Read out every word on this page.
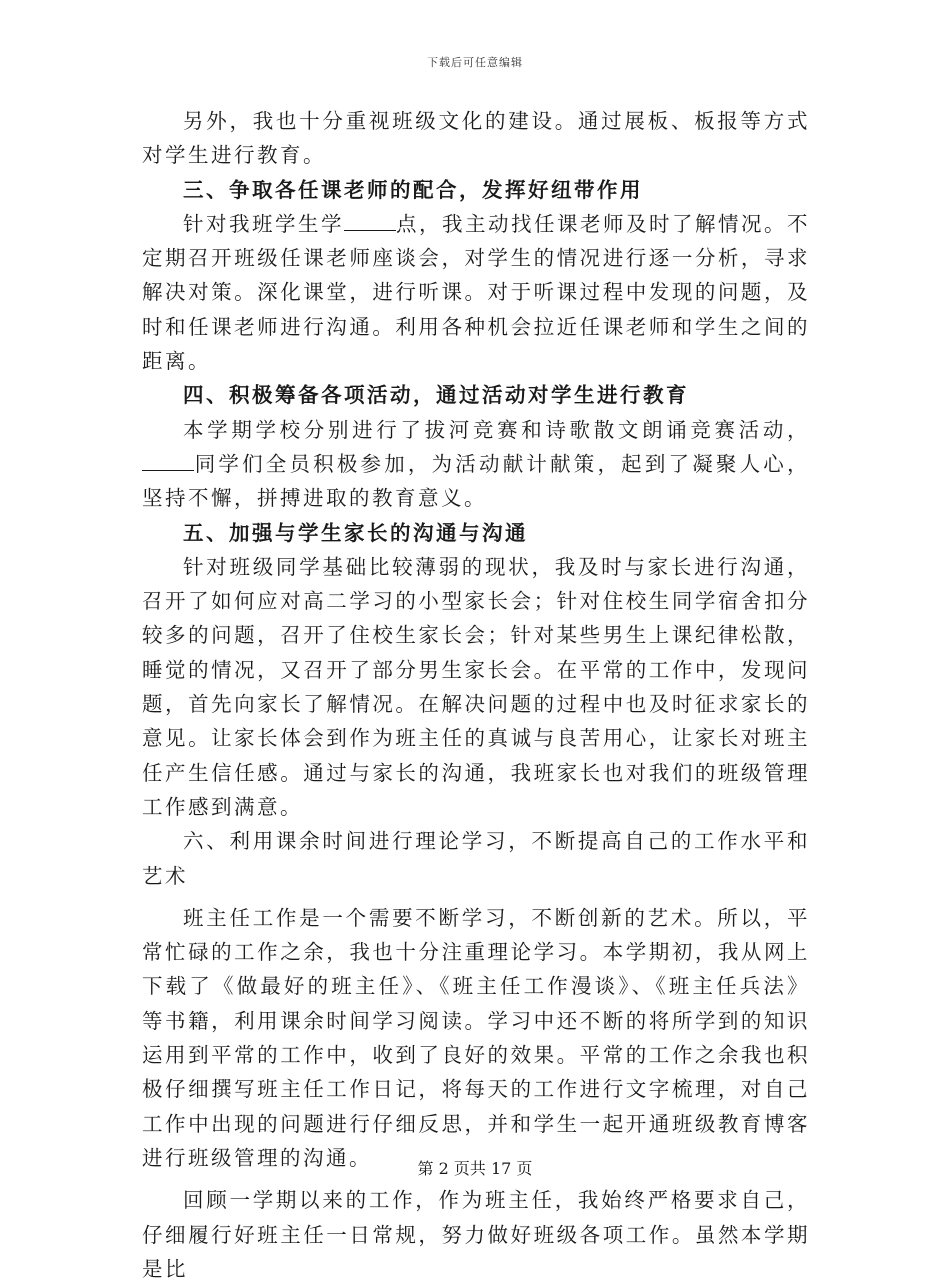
下载后可任意编辑

另外，我也十分重视班级文化的建设。通过展板、板报等方式对学生进行教育。

三、争取各任课老师的配合，发挥好纽带作用

针对我班学生学	点，我主动找任课老师及时了解情况。不定期召开班级任课老师座谈会，对学生的情况进行逐一分析，寻求解决对策。深化课堂，进行听课。对于听课过程中发现的问题，及时和任课老师进行沟通。利用各种机会拉近任课老师和学生之间的距离。

四、积极筹备各项活动，通过活动对学生进行教育

本学期学校分别进行了拔河竞赛和诗歌散文朗诵竞赛活动，同学们全员积极参加，为活动献计献策，起到了凝聚人心，坚持不懈，拼搏进取的教育意义。

五、加强与学生家长的沟通与沟通

针对班级同学基础比较薄弱的现状，我及时与家长进行沟通，召开了如何应对高二学习的小型家长会；针对住校生同学宿舍扣分较多的问题，召开了住校生家长会；针对某些男生上课纪律松散，睡觉的情况，又召开了部分男生家长会。在平常的工作中，发现问题，首先向家长了解情况。在解决问题的过程中也及时征求家长的意见。让家长体会到作为班主任的真诚与良苦用心，让家长对班主任产生信任感。通过与家长的沟通，我班家长也对我们的班级管理工作感到满意。

六、利用课余时间进行理论学习，不断提高自己的工作水平和艺术

班主任工作是一个需要不断学习，不断创新的艺术。所以，平常忙碌的工作之余，我也十分注重理论学习。本学期初，我从网上下载了《做最好的班主任》、《班主任工作漫谈》、《班主任兵法》等书籍，利用课余时间学习阅读。学习中还不断的将所学到的知识运用到平常的工作中，收到了良好的效果。平常的工作之余我也积极仔细撰写班主任工作日记，将每天的工作进行文字梳理，对自己工作中出现的问题进行仔细反思，并和学生一起开通班级教育博客进行班级管理的沟通。

回顾一学期以来的工作，作为班主任，我始终严格要求自己，仔细履行好班主任一日常规，努力做好班级各项工作。虽然本学期是比

第 2 页共 17 页
